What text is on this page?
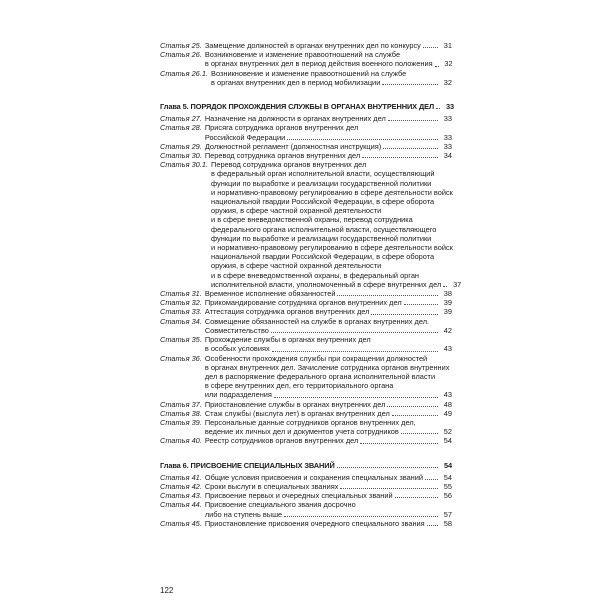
Статья 25. Замещение должностей в органах внутренних дел по конкурсу	31
Статья 26. Возникновение и изменение правоотношений на службе
в органах внутренних дел в период действия военного положения	32
Статья 26.1. Возникновение и изменение правоотношений на службе
в органах внутренних дел в период мобилизации	32
Глава 5. ПОРЯДОК ПРОХОЖДЕНИЯ СЛУЖБЫ В ОРГАНАХ ВНУТРЕННИХ ДЕЛ	33
Статья 27. Назначение на должности в органах внутренних дел	33
Статья 28. Присяга сотрудника органов внутренних дел
Российской Федерации	33
Статья 29. Должностной регламент (должностная инструкция)	33
Статья 30. Перевод сотрудника органов внутренних дел	34
Статья 30.1. Перевод сотрудника органов внутренних дел
в федеральный орган исполнительной власти, осуществляющий
функции по выработке и реализации государственной политики
и нормативно-правовому регулированию в сфере деятельности войск
национальной гвардии Российской Федерации, в сфере оборота
оружия, в сфере частной охранной деятельности
и в сфере вневедомственной охраны, перевод сотрудника
федерального органа исполнительной власти, осуществляющего
функции по выработке и реализации государственной политики
и нормативно-правовому регулированию в сфере деятельности войск
национальной гвардии Российской Федерации, в сфере оборота
оружия, в сфере частной охранной деятельности
и в сфере вневедомственной охраны, в федеральный орган
исполнительной власти, уполномоченный в сфере внутренних дел	37
Статья 31. Временное исполнение обязанностей	38
Статья 32. Прикомандирование сотрудника органов внутренних дел	39
Статья 33. Аттестация сотрудника органов внутренних дел	39
Статья 34. Совмещение обязанностей на службе в органах внутренних дел.
Совместительство	42
Статья 35. Прохождение службы в органах внутренних дел
в особых условиях	43
Статья 36. Особенности прохождения службы при сокращении должностей
в органах внутренних дел. Зачисление сотрудника органов внутренних
дел в распоряжение федерального органа исполнительной власти
в сфере внутренних дел, его территориального органа
или подразделения	43
Статья 37. Приостановление службы в органах внутренних дел	48
Статья 38. Стаж службы (выслуга лет) в органах внутренних дел	49
Статья 39. Персональные данные сотрудников органов внутренних дел,
ведение их личных дел и документов учета сотрудников	52
Статья 40. Реестр сотрудников органов внутренних дел	54
Глава 6. ПРИСВОЕНИЕ СПЕЦИАЛЬНЫХ ЗВАНИЙ	54
Статья 41. Общие условия присвоения и сохранения специальных званий	54
Статья 42. Сроки выслуги в специальных званиях	55
Статья 43. Присвоение первых и очередных специальных званий	56
Статья 44. Присвоение специального звания досрочно
либо на ступень выше	57
Статья 45. Приостановление присвоения очередного специального звания	58
122
